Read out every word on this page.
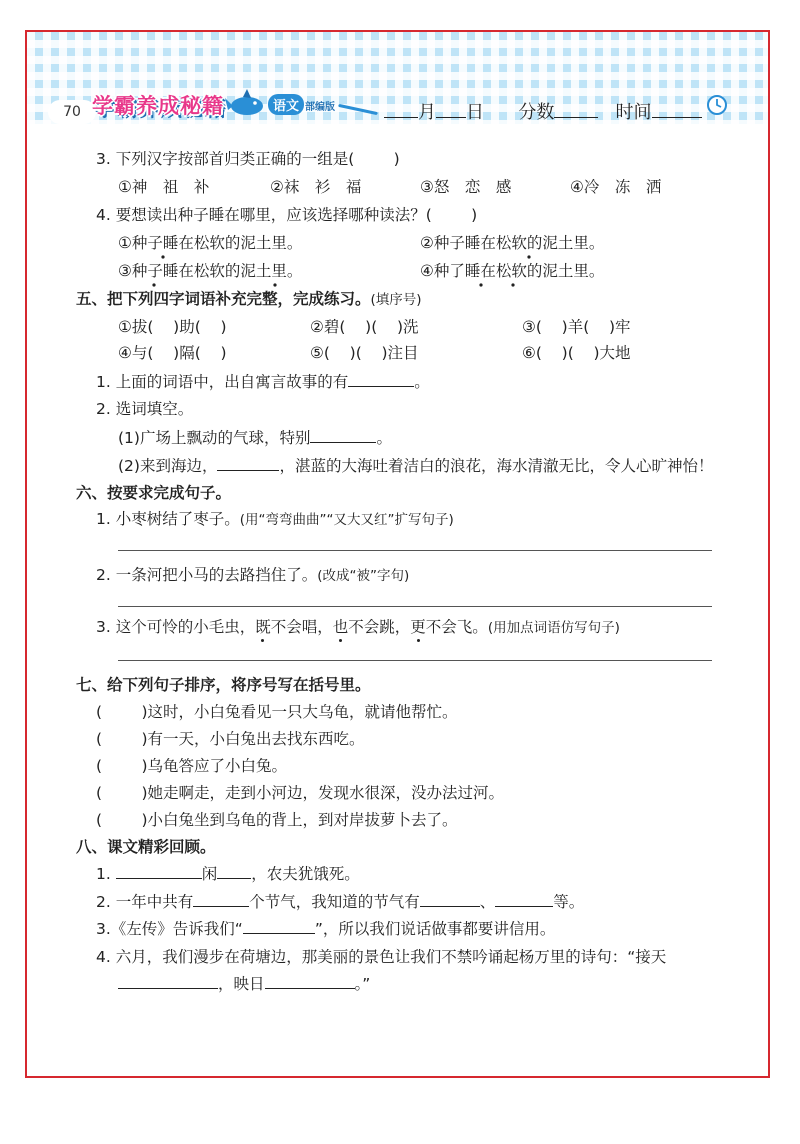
70 学霸养成秘籍	语文 部编版	月 日 分数	时间
3. 下列汉字按部首归类正确的一组是(        )
①神　祖　补	②袜　衫　福	③怒　恋　感	④冷　冻　洒
4. 要想读出种子睡在哪里，应该选择哪种读法？(        )
①种子睡在松软的泥土里。	②种子睡在松软的泥土里。
③种子睡在松软的泥土里。	④种了睡在松软的泥土里。
五、把下列四字词语补充完整，完成练习。(填序号)
①拔(    )助(    )	②碧(    )(    )洗	③(    )羊(    )牢
④与(    )隔(    )	⑤(    )(    )注目	⑥(    )(    )大地
1. 上面的词语中，出自寓言故事的有	。
2. 选词填空。
(1)广场上飘动的气球，特别	。
(2)来到海边，	，湛蓝的大海吐着洁白的浪花，海水清澈无比，令人心旷神怡！
六、按要求完成句子。
1. 小枣树结了枣子。(用“弯弯曲曲”“又大又红”扩写句子)
2. 一条河把小马的去路挡住了。(改成“被”字句)
3. 这个可怜的小毛虫，既不会唱，也不会跳，更不会飞。(用加点词语仿写句子)
七、给下列句子排序，将序号写在括号里。
(        )这时，小白兔看见一只大乌龟，就请他帮忙。
(        )有一天，小白兔出去找东西吃。
(        )乌龟答应了小白兔。
(        )她走啊走，走到小河边，发现水很深，没办法过河。
(        )小白兔坐到乌龟的背上，到对岸拔萝卜去了。
八、课文精彩回顾。
1.	闲 ，农夫犹饿死。
2. 一年中共有	个节气，我知道的节气有	、	等。
3.《左传》告诉我们“	”，所以我们说话做事都要讲信用。
4. 六月，我们漫步在荷塘边，那美丽的景色让我们不禁吟诵起杨万里的诗句：“接天
，映日	。”
